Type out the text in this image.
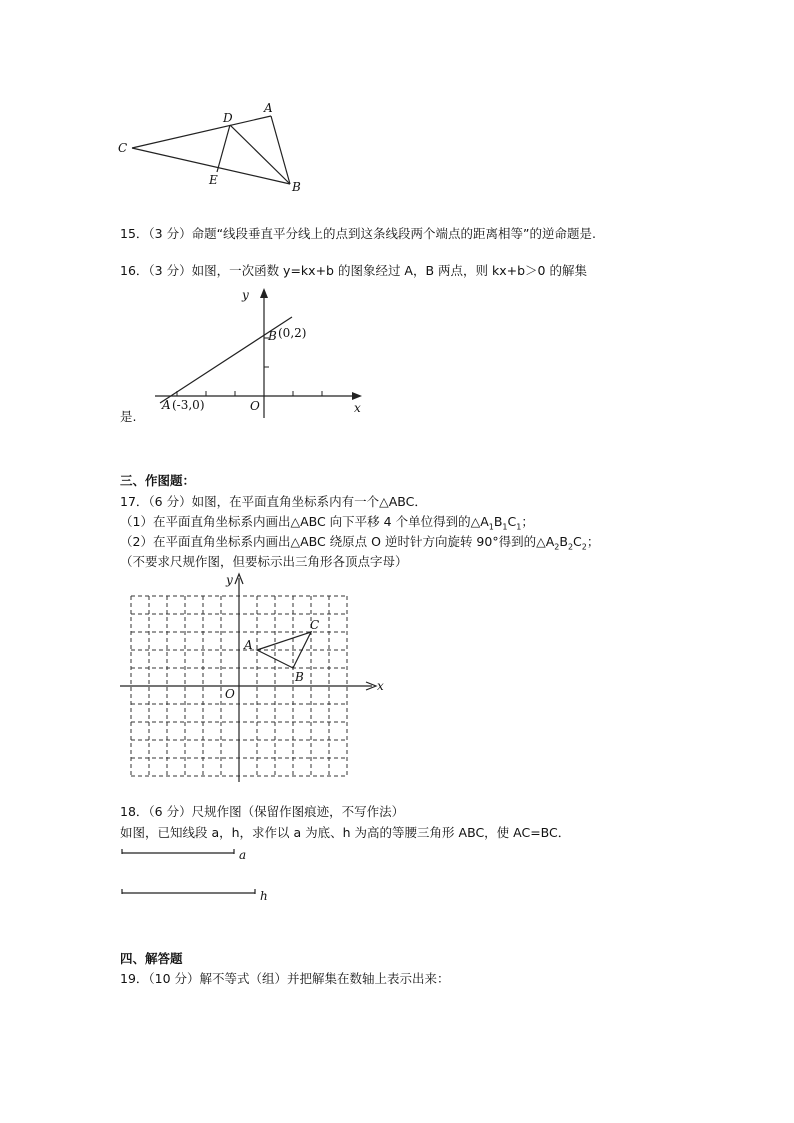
C
D
A
E	B
15．（3 分）命题“线段垂直平分线上的点到这条线段两个端点的距离相等”的逆命题是.
16．（3 分）如图，一次函数 y=kx+b 的图象经过 A，B 两点，则 kx+b＞0 的解集
y
x
O
B (0,2)
A (-3,0)
是.
三、作图题：
17．（6 分）如图，在平面直角坐标系内有一个△ABC．
（1）在平面直角坐标系内画出△ABC 向下平移 4 个单位得到的$\triangle A_1B_1C_1$；
（2）在平面直角坐标系内画出△ABC 绕原点 O 逆时针方向旋转 90°得到的$\triangle A_2B_2C_2$；
（不要求尺规作图，但要标示出三角形各顶点字母）
y
x
O
A
B
C
18．（6 分）尺规作图（保留作图痕迹，不写作法）
如图，已知线段 a，h，求作以 a 为底、h 为高的等腰三角形 ABC，使 AC=BC．
a
h
四、解答题
19．（10 分）解不等式（组）并把解集在数轴上表示出来：
